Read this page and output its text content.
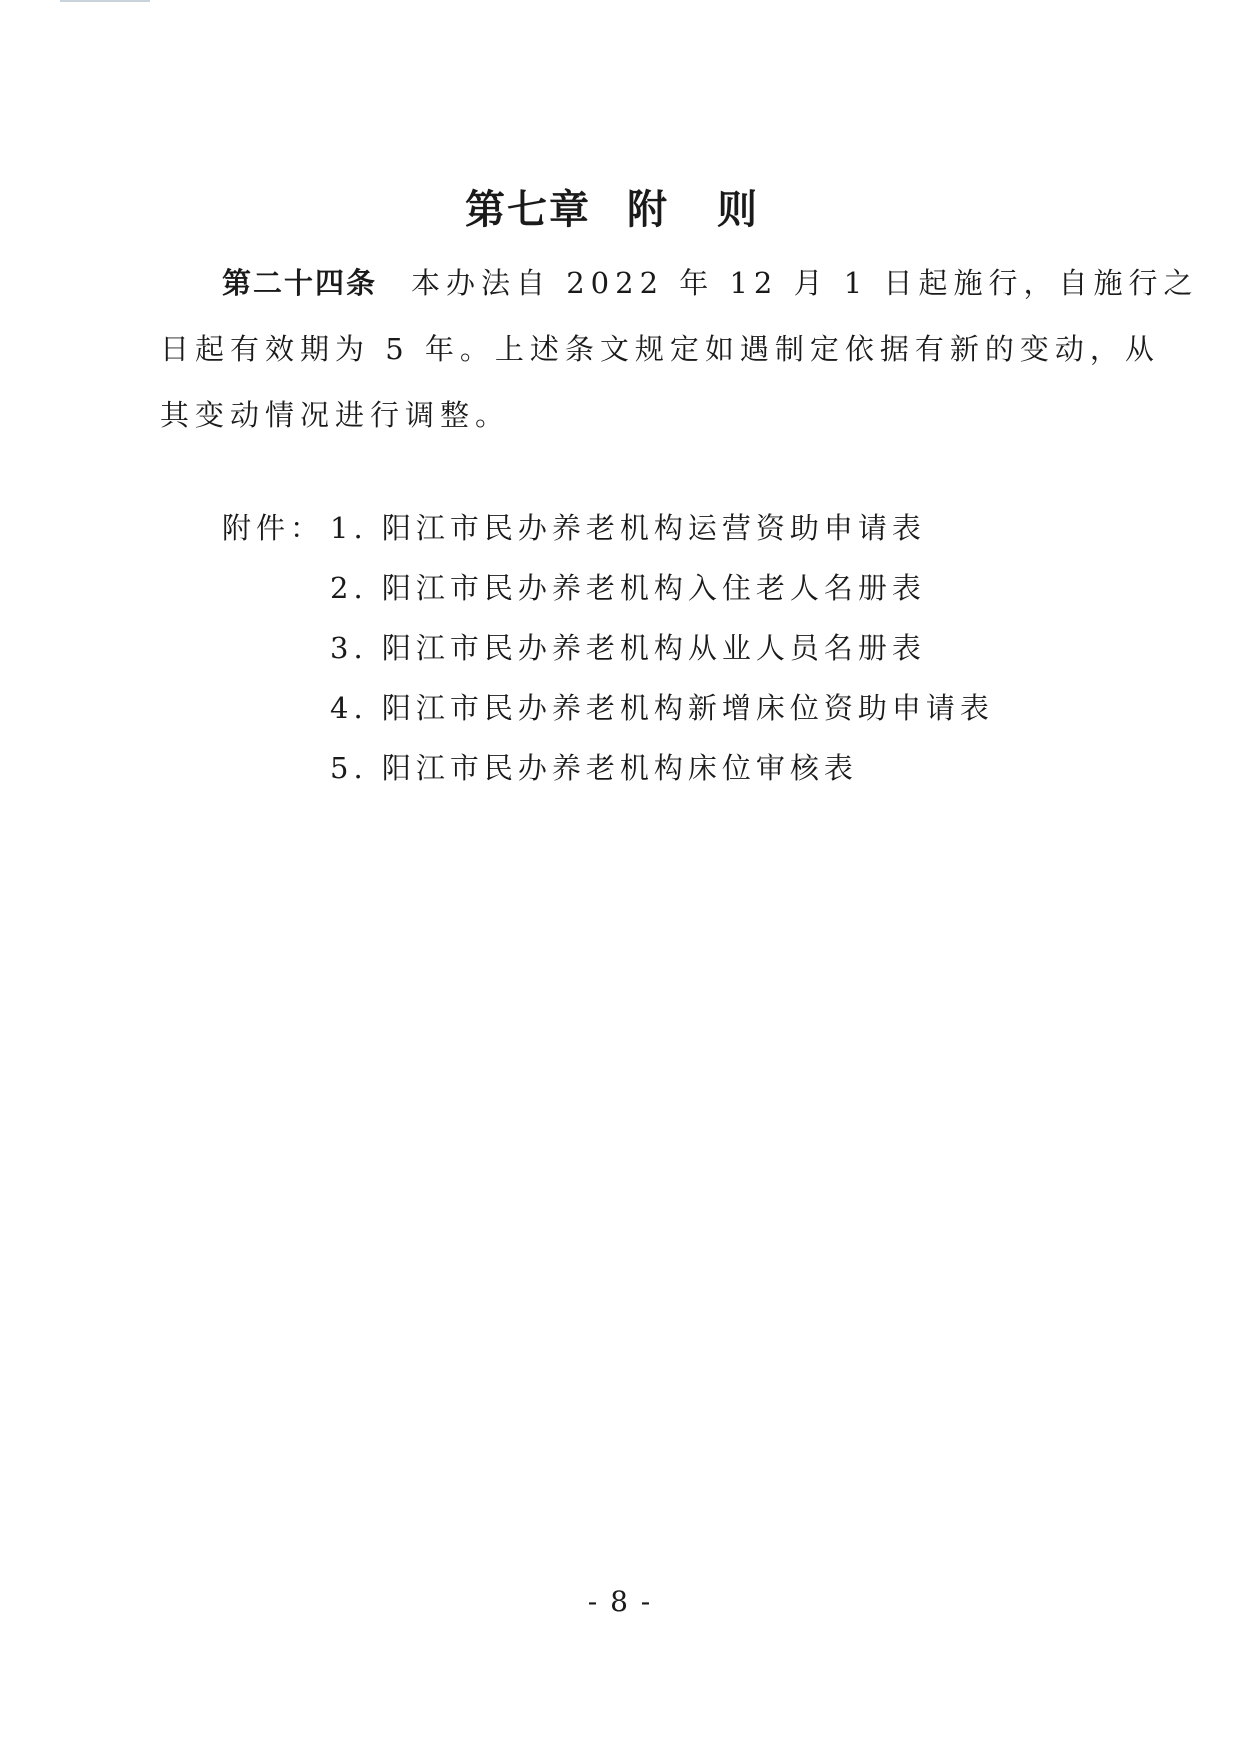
第七章 附 则
第二十四条 本办法自 2022 年 12 月 1 日起施行，自施行之
日起有效期为 5 年。上述条文规定如遇制定依据有新的变动，从
其变动情况进行调整。
附件： 1. 阳江市民办养老机构运营资助申请表
2. 阳江市民办养老机构入住老人名册表
3. 阳江市民办养老机构从业人员名册表
4. 阳江市民办养老机构新增床位资助申请表
5. 阳江市民办养老机构床位审核表
- 8 -
